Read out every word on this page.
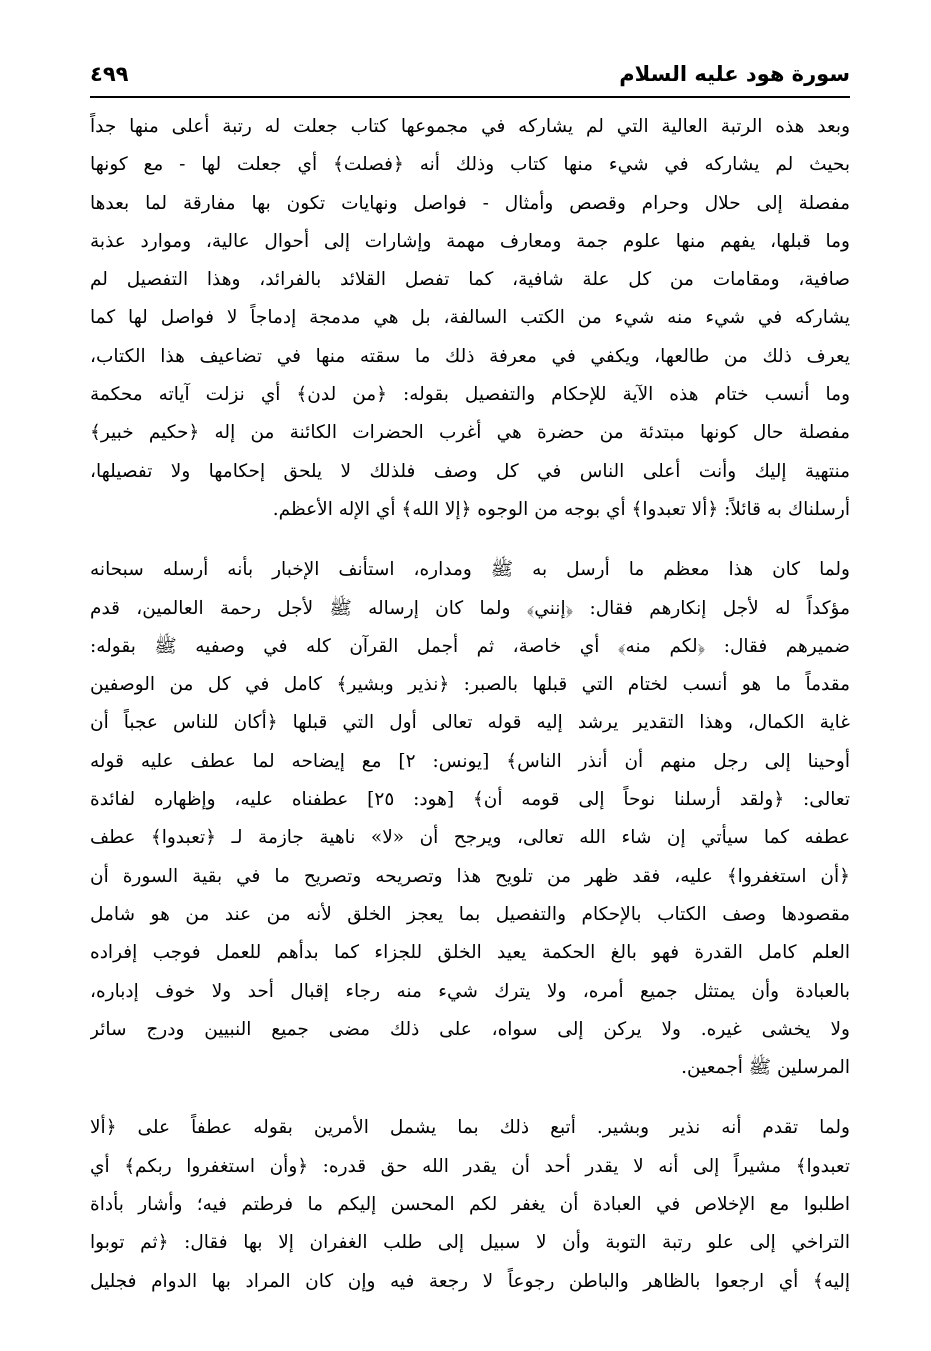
سورة هود عليه السلام
٤٩٩
وبعد هذه الرتبة العالية التي لم يشاركه في مجموعها كتاب جعلت له رتبة أعلى منها جداً
بحيث لم يشاركه في شيء منها كتاب وذلك أنه ﴿فصلت﴾ أي جعلت لها - مع كونها
مفصلة إلى حلال وحرام وقصص وأمثال - فواصل ونهايات تكون بها مفارقة لما بعدها
وما قبلها، يفهم منها علوم جمة ومعارف مهمة وإشارات إلى أحوال عالية، وموارد عذبة
صافية، ومقامات من كل علة شافية، كما تفصل القلائد بالفرائد، وهذا التفصيل لم
يشاركه في شيء منه شيء من الكتب السالفة، بل هي مدمجة إدماجاً لا فواصل لها كما
يعرف ذلك من طالعها، ويكفي في معرفة ذلك ما سقته منها في تضاعيف هذا الكتاب،
وما أنسب ختام هذه الآية للإحكام والتفصيل بقوله: ﴿من لدن﴾ أي نزلت آياته محكمة
مفصلة حال كونها مبتدئة من حضرة هي أغرب الحضرات الكائنة من إله ﴿حكيم خبير﴾
منتهية إليك وأنت أعلى الناس في كل وصف فلذلك لا يلحق إحكامها ولا تفصيلها،
أرسلناك به قائلاً: ﴿ألا تعبدوا﴾ أي بوجه من الوجوه ﴿إلا الله﴾ أي الإله الأعظم.
ولما كان هذا معظم ما أرسل به ﷺ ومداره، استأنف الإخبار بأنه أرسله سبحانه
مؤكداً له لأجل إنكارهم فقال: ﴿إنني﴾ ولما كان إرساله ﷺ لأجل رحمة العالمين، قدم
ضميرهم فقال: ﴿لكم منه﴾ أي خاصة، ثم أجمل القرآن كله في وصفيه ﷺ بقوله:
مقدماً ما هو أنسب لختام التي قبلها بالصبر: ﴿نذير وبشير﴾ كامل في كل من الوصفين
غاية الكمال، وهذا التقدير يرشد إليه قوله تعالى أول التي قبلها ﴿أكان للناس عجباً أن
أوحينا إلى رجل منهم أن أنذر الناس﴾ [يونس: ٢] مع إيضاحه لما عطف عليه قوله
تعالى: ﴿ولقد أرسلنا نوحاً إلى قومه أن﴾ [هود: ٢٥] عطفناه عليه، وإظهاره لفائدة
عطفه كما سيأتي إن شاء الله تعالى، ويرجح أن «لا» ناهية جازمة لـ ﴿تعبدوا﴾ عطف
﴿أن استغفروا﴾ عليه، فقد ظهر من تلويح هذا وتصريحه وتصريح ما في بقية السورة أن
مقصودها وصف الكتاب بالإحكام والتفصيل بما يعجز الخلق لأنه من عند من هو شامل
العلم كامل القدرة فهو بالغ الحكمة يعيد الخلق للجزاء كما بدأهم للعمل فوجب إفراده
بالعبادة وأن يمتثل جميع أمره، ولا يترك شيء منه رجاء إقبال أحد ولا خوف إدباره،
ولا يخشى غيره. ولا يركن إلى سواه، على ذلك مضى جميع النبيين ودرج سائر
المرسلين ﷺ أجمعين.
ولما تقدم أنه نذير وبشير. أتبع ذلك بما يشمل الأمرين بقوله عطفاً على ﴿ألا
تعبدوا﴾ مشيراً إلى أنه لا يقدر أحد أن يقدر الله حق قدره: ﴿وأن استغفروا ربكم﴾ أي
اطلبوا مع الإخلاص في العبادة أن يغفر لكم المحسن إليكم ما فرطتم فيه؛ وأشار بأداة
التراخي إلى علو رتبة التوبة وأن لا سبيل إلى طلب الغفران إلا بها فقال: ﴿ثم توبوا
إليه﴾ أي ارجعوا بالظاهر والباطن رجوعاً لا رجعة فيه وإن كان المراد بها الدوام فجليل
